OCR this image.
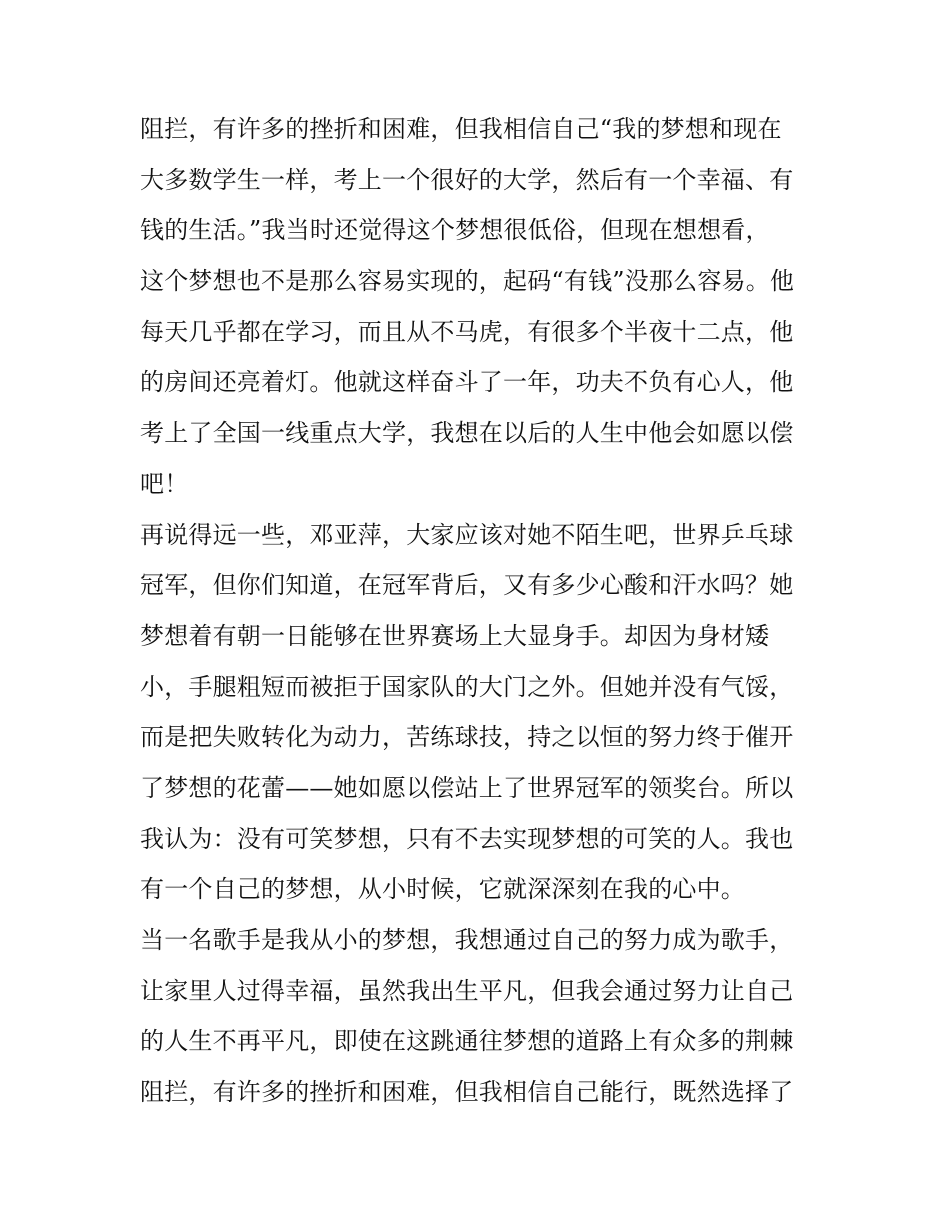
阻拦，有许多的挫折和困难，但我相信自己“我的梦想和现在
大多数学生一样，考上一个很好的大学，然后有一个幸福、有
钱的生活。”我当时还觉得这个梦想很低俗，但现在想想看，
这个梦想也不是那么容易实现的，起码“有钱”没那么容易。他
每天几乎都在学习，而且从不马虎，有很多个半夜十二点，他
的房间还亮着灯。他就这样奋斗了一年，功夫不负有心人，他
考上了全国一线重点大学，我想在以后的人生中他会如愿以偿
吧！
再说得远一些，邓亚萍，大家应该对她不陌生吧，世界乒乓球
冠军，但你们知道，在冠军背后，又有多少心酸和汗水吗？她
梦想着有朝一日能够在世界赛场上大显身手。却因为身材矮
小，手腿粗短而被拒于国家队的大门之外。但她并没有气馁，
而是把失败转化为动力，苦练球技，持之以恒的努力终于催开
了梦想的花蕾——她如愿以偿站上了世界冠军的领奖台。所以
我认为：没有可笑梦想，只有不去实现梦想的可笑的人。我也
有一个自己的梦想，从小时候，它就深深刻在我的心中。
当一名歌手是我从小的梦想，我想通过自己的努力成为歌手，
让家里人过得幸福，虽然我出生平凡，但我会通过努力让自己
的人生不再平凡，即使在这跳通往梦想的道路上有众多的荆棘
阻拦，有许多的挫折和困难，但我相信自己能行，既然选择了
